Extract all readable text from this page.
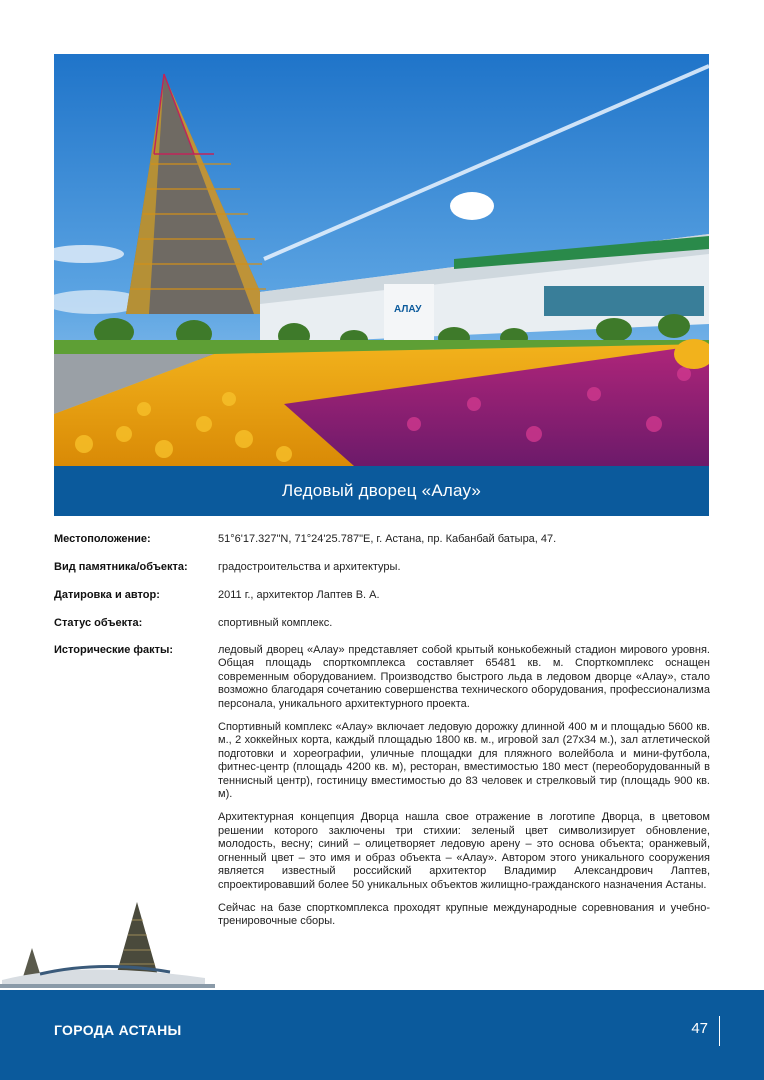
АЛАУ
Ледовый дворец «Алау»
Местоположение:	51°6'17.327"N, 71°24'25.787"E, г. Астана, пр. Кабанбай батыра, 47.
Вид памятника/объекта:	градостроительства и архитектуры.
Датировка и автор:	2011 г., архитектор Лаптев В. А.
Статус объекта:	спортивный комплекс.
Исторические факты:	ледовый дворец «Алау» представляет собой крытый конькобежный стадион мирового уровня. Общая площадь спорткомплекса составляет 65481 кв. м. Спорткомплекс оснащен современным оборудованием. Производство быстрого льда в ледовом дворце «Алау», стало возможно благодаря сочетанию совершенства технического оборудования, профессионализма персонала, уникального архитектурного проекта.

Спортивный комплекс «Алау» включает ледовую дорожку длинной 400 м и площадью 5600 кв. м., 2 хоккейных корта, каждый площадью 1800 кв. м., игровой зал (27х34 м.), зал атлетической подготовки и хореографии, уличные площадки для пляжного волейбола и мини-футбола, фитнес-центр (площадь 4200 кв. м), ресторан, вместимостью 180 мест (переоборудованный в теннисный центр), гостиницу вместимостью до 83 человек и стрелковый тир (площадь 900 кв. м).

Архитектурная концепция Дворца нашла свое отражение в логотипе Дворца, в цветовом решении которого заключены три стихии: зеленый цвет символизирует обновление, молодость, весну; синий – олицетворяет ледовую арену – это основа объекта; оранжевый, огненный цвет – это имя и образ объекта – «Алау». Автором этого уникального сооружения является известный российский архитектор Владимир Александрович Лаптев, спроектировавший более 50 уникальных объектов жилищно-гражданского назначения Астаны.

Сейчас на базе спорткомплекса проходят крупные международные соревнования и учебно-тренировочные сборы.

ГОРОДА АСТАНЫ	47
